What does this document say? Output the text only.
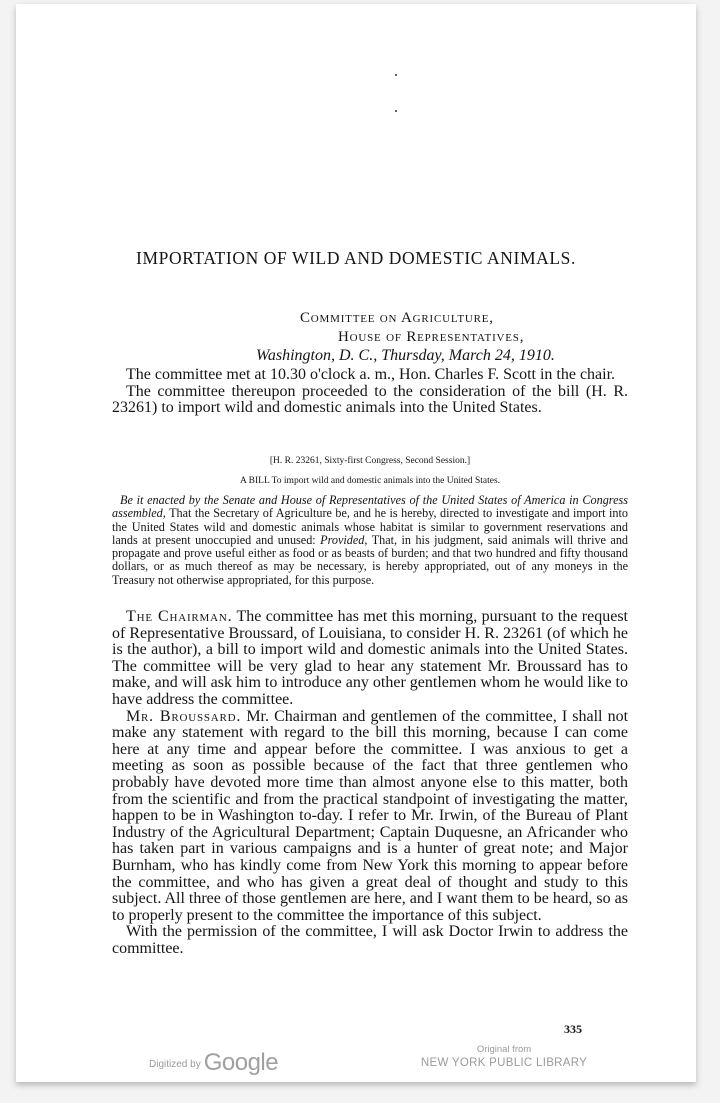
IMPORTATION OF WILD AND DOMESTIC ANIMALS.
Committee on Agriculture,
House of Representatives,
Washington, D. C., Thursday, March 24, 1910.

The committee met at 10.30 o'clock a. m., Hon. Charles F. Scott in the chair.

The committee thereupon proceeded to the consideration of the bill (H. R. 23261) to import wild and domestic animals into the United States.

[H. R. 23261, Sixty-first Congress, Second Session.]
A BILL To import wild and domestic animals into the United States.

Be it enacted by the Senate and House of Representatives of the United States of America in Congress assembled, That the Secretary of Agriculture be, and he is hereby, directed to investigate and import into the United States wild and domestic animals whose habitat is similar to government reservations and lands at present unoccupied and unused: Provided, That, in his judgment, said animals will thrive and propagate and prove useful either as food or as beasts of burden; and that two hundred and fifty thousand dollars, or as much thereof as may be necessary, is hereby appropriated, out of any moneys in the Treasury not otherwise appropriated, for this purpose.

The Chairman. The committee has met this morning, pursuant to the request of Representative Broussard, of Louisiana, to consider H. R. 23261 (of which he is the author), a bill to import wild and domestic animals into the United States. The committee will be very glad to hear any statement Mr. Broussard has to make, and will ask him to introduce any other gentlemen whom he would like to have address the committee.

Mr. Broussard. Mr. Chairman and gentlemen of the committee, I shall not make any statement with regard to the bill this morning, because I can come here at any time and appear before the committee. I was anxious to get a meeting as soon as possible because of the fact that three gentlemen who probably have devoted more time than almost anyone else to this matter, both from the scientific and from the practical standpoint of investigating the matter, happen to be in Washington to-day. I refer to Mr. Irwin, of the Bureau of Plant Industry of the Agricultural Department; Captain Duquesne, an Africander who has taken part in various campaigns and is a hunter of great note; and Major Burnham, who has kindly come from New York this morning to appear before the committee, and who has given a great deal of thought and study to this subject. All three of those gentlemen are here, and I want them to be heard, so as to properly present to the committee the importance of this subject.

With the permission of the committee, I will ask Doctor Irwin to address the committee.

335
Digitized by Google	Original from
NEW YORK PUBLIC LIBRARY
